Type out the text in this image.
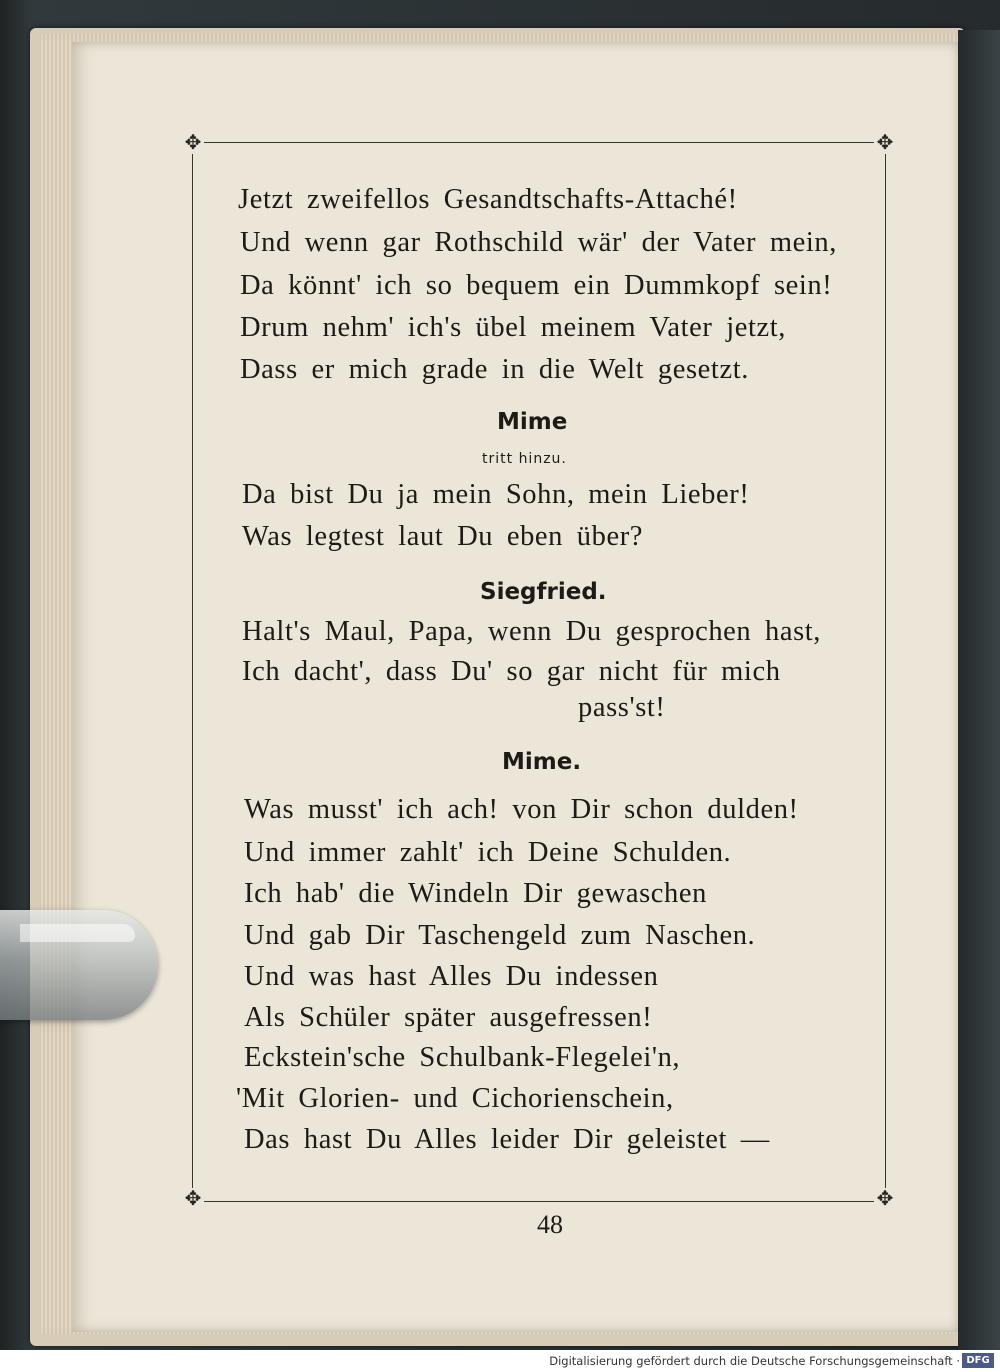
✥	✥
✥	✥
Jetzt zweifellos Gesandtschafts-Attaché!
Und wenn gar Rothschild wär' der Vater mein,
Da könnt' ich so bequem ein Dummkopf sein!
Drum nehm' ich's übel meinem Vater jetzt,
Dass er mich grade in die Welt gesetzt.
Mime
tritt hinzu.
Da bist Du ja mein Sohn, mein Lieber!
Was legtest laut Du eben über?
Siegfried.
Halt's Maul, Papa, wenn Du gesprochen hast,
Ich dacht', dass Du' so gar nicht für mich
pass'st!
Mime.
Was musst' ich ach! von Dir schon dulden!
Und immer zahlt' ich Deine Schulden.
Ich hab' die Windeln Dir gewaschen
Und gab Dir Taschengeld zum Naschen.
Und was hast Alles Du indessen
Als Schüler später ausgefressen!
Eckstein'sche Schulbank-Flegelei'n,
'Mit Glorien- und Cichorienschein,
Das hast Du Alles leider Dir geleistet —
48
Digitalisierung gefördert durch die Deutsche Forschungsgemeinschaft · DFG
